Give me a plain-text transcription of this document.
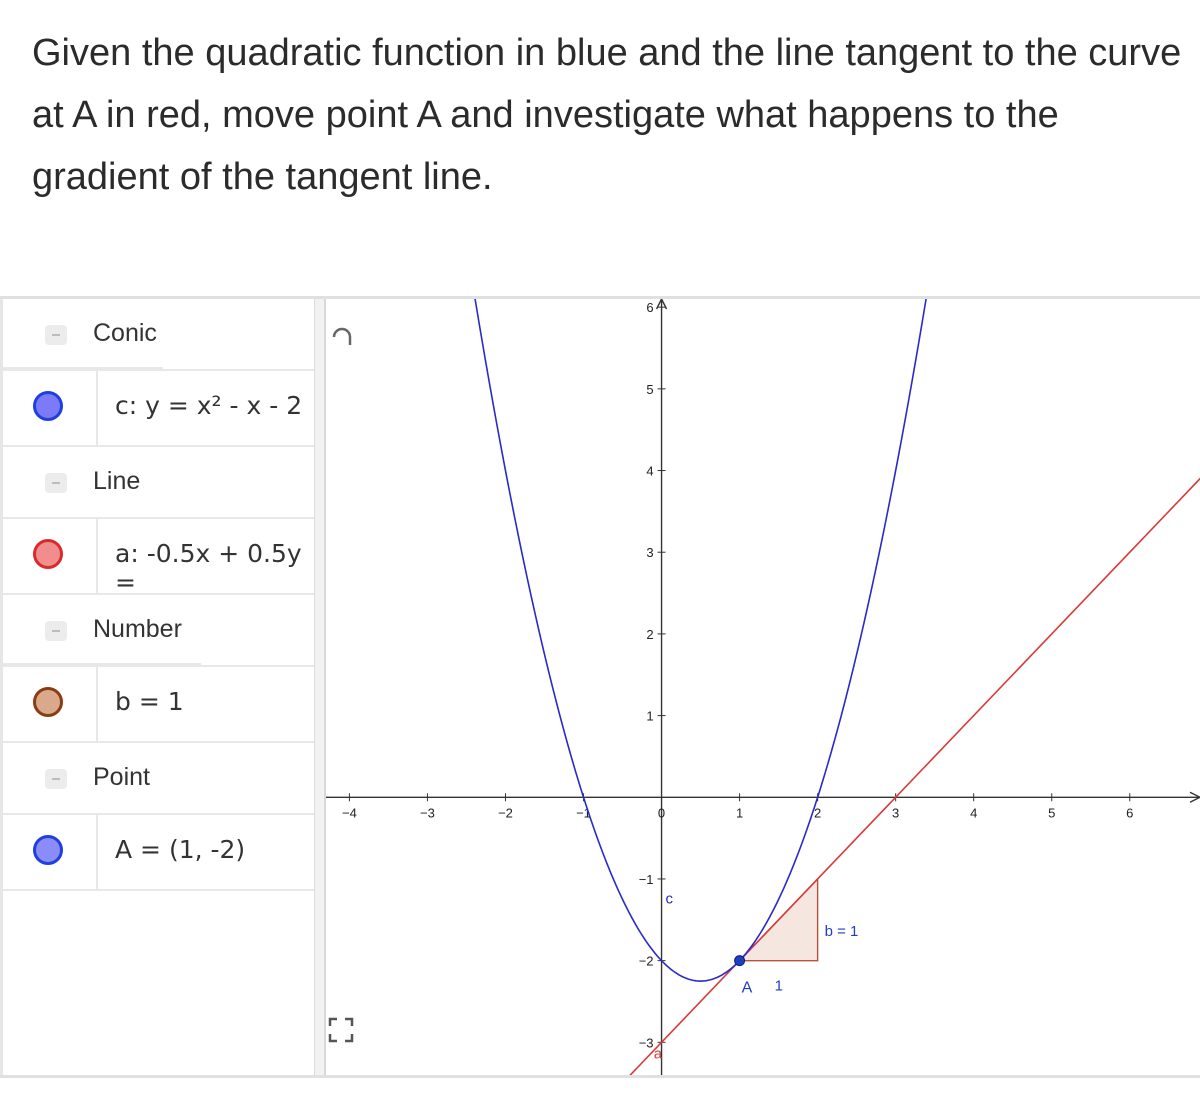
Given the quadratic function in blue and the line tangent to the curve at A in red, move point A and investigate what happens to the gradient of the tangent line.

Conic
c: y = x² - x - 2
Line
a: -0.5x + 0.5y =
Number
b = 1
Point
A = (1, -2)
−4	−3	−2	−1	0	1	2	3	4	5	6
6
5
4
3
2
1
−1
−2
−3
A 1
b = 1
a
c
